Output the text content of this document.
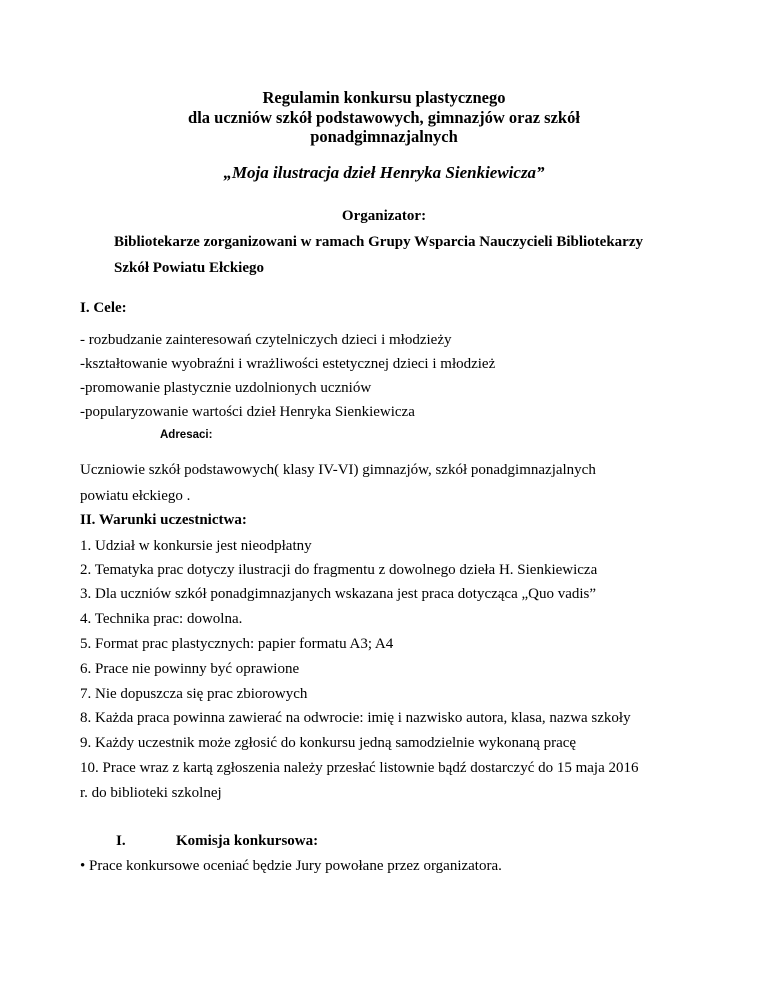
Regulamin konkursu plastycznego
dla uczniów szkół podstawowych, gimnazjów oraz szkół
ponadgimnazjalnych
„Moja ilustracja dzieł Henryka Sienkiewicza”
Organizator:
Bibliotekarze zorganizowani w ramach Grupy Wsparcia Nauczycieli Bibliotekarzy
Szkół Powiatu Ełckiego
I. Cele:
- rozbudzanie zainteresowań czytelniczych dzieci i młodzieży
-kształtowanie wyobraźni i wrażliwości estetycznej dzieci i młodzież
-promowanie plastycznie uzdolnionych uczniów
-popularyzowanie wartości dzieł Henryka Sienkiewicza
Adresaci:
Uczniowie szkół podstawowych( klasy IV-VI) gimnazjów, szkół ponadgimnazjalnych
powiatu ełckiego .
II. Warunki uczestnictwa:
1. Udział w konkursie jest nieodpłatny
2. Tematyka prac dotyczy ilustracji do fragmentu z dowolnego dzieła H. Sienkiewicza
3. Dla uczniów szkół ponadgimnazjanych wskazana jest praca dotycząca „Quo vadis”
4. Technika prac: dowolna.
5. Format prac plastycznych: papier formatu A3; A4
6. Prace nie powinny być oprawione
7. Nie dopuszcza się prac zbiorowych
8. Każda praca powinna zawierać na odwrocie: imię i nazwisko autora, klasa, nazwa szkoły
9. Każdy uczestnik może zgłosić do konkursu jedną samodzielnie wykonaną pracę
10. Prace wraz z kartą zgłoszenia należy przesłać listownie bądź dostarczyć do 15 maja 2016
r. do biblioteki szkolnej
I.	Komisja konkursowa:
• Prace konkursowe oceniać będzie Jury powołane przez organizatora.
